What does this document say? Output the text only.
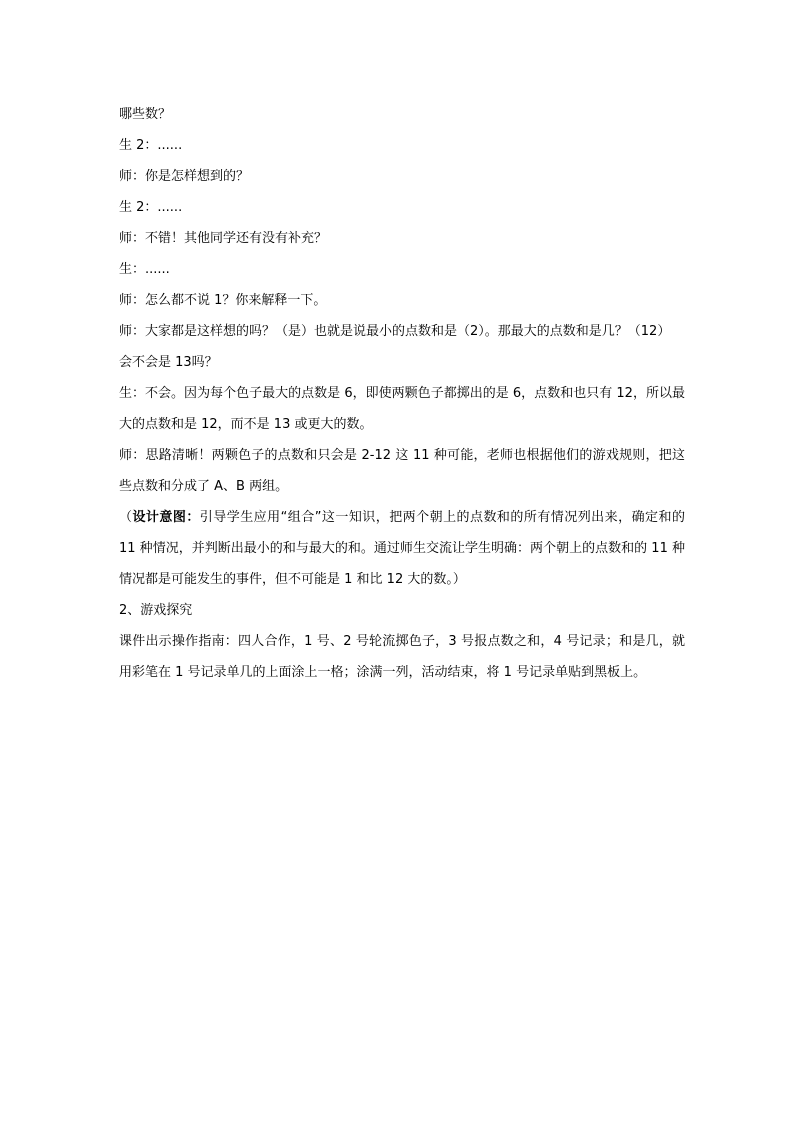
哪些数？

生 2：......

师：你是怎样想到的？

生 2：......

师：不错！其他同学还有没有补充？

生：......

师：怎么都不说 1？你来解释一下。

师：大家都是这样想的吗？（是）也就是说最小的点数和是（2）。那最大的点数和是几？（12）

会不会是 13吗？

生：不会。因为每个色子最大的点数是 6，即使两颗色子都掷出的是 6，点数和也只有 12，所以最大的点数和是 12，而不是 13 或更大的数。

师：思路清晰！两颗色子的点数和只会是 2-12 这 11 种可能，老师也根据他们的游戏规则，把这些点数和分成了 A、B 两组。

（设计意图：引导学生应用“组合”这一知识，把两个朝上的点数和的所有情况列出来，确定和的 11 种情况，并判断出最小的和与最大的和。通过师生交流让学生明确：两个朝上的点数和的 11 种情况都是可能发生的事件，但不可能是 1 和比 12 大的数。）

2、游戏探究

课件出示操作指南：四人合作，1 号、2 号轮流掷色子，3 号报点数之和，4 号记录；和是几，就用彩笔在 1 号记录单几的上面涂上一格；涂满一列，活动结束，将 1 号记录单贴到黑板上。
